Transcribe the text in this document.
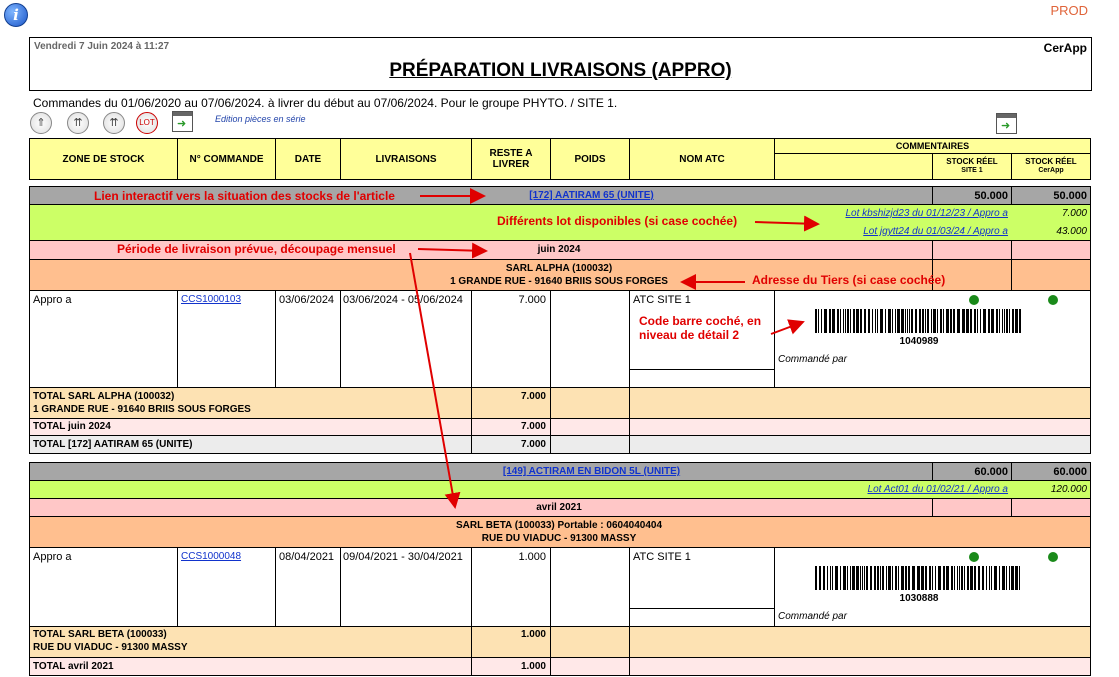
i	PROD
Vendredi 7 Juin 2024 à 11:27	CerApp
PRÉPARATION LIVRAISONS (APPRO)
Commandes du 01/06/2020 au 07/06/2024. à livrer du début au 07/06/2024. Pour le groupe PHYTO. / SITE 1.
⇑	⇈	⇈	LOT
➜	Edition pièces en série
➜
ZONE DE STOCK	N° COMMANDE	DATE	LIVRAISONS	RESTE A LIVRER	POIDS	NOM ATC
COMMENTAIRES
STOCK RÉEL
SITE 1
STOCK RÉEL
CerApp
[172] AATIRAM 65 (UNITE)	50.000	50.000
Lot kbshizjd23 du 01/12/23 / Appro a	7.000
Lot jgytt24 du 01/03/24 / Appro a	43.000
juin 2024
SARL ALPHA (100032)
1 GRANDE RUE - 91640 BRIIS SOUS FORGES
Appro a	CCS1000103	03/06/2024 03/06/2024 - 05/06/2024	7.000	ATC SITE 1
1040989
Commandé par
TOTAL SARL ALPHA (100032)
1 GRANDE RUE - 91640 BRIIS SOUS FORGES
7.000
TOTAL juin 2024	7.000
TOTAL [172] AATIRAM 65 (UNITE)	7.000
[149] ACTIRAM EN BIDON 5L (UNITE)	60.000	60.000
Lot Act01 du 01/02/21 / Appro a	120.000
avril 2021
SARL BETA (100033) Portable : 0604040404
RUE DU VIADUC - 91300 MASSY
Appro a	CCS1000048	08/04/2021 09/04/2021 - 30/04/2021	1.000	ATC SITE 1
1030888
Commandé par
TOTAL SARL BETA (100033)
RUE DU VIADUC - 91300 MASSY
1.000
TOTAL avril 2021	1.000
Lien interactif vers la situation des stocks de l'article
Différents lot disponibles (si case cochée)
Période de livraison prévue, découpage mensuel
Adresse du Tiers (si case cochée)
Code barre coché, en
niveau de détail 2
